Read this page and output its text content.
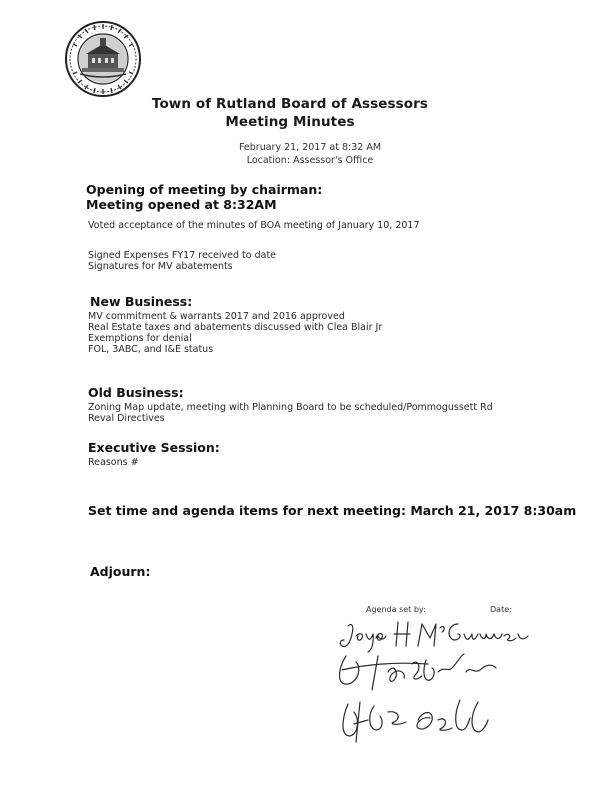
Town of Rutland Board of Assessors
Meeting Minutes
February 21, 2017 at 8:32 AM
Location: Assessor's Office
Opening of meeting by chairman:
Meeting opened at 8:32AM
Voted acceptance of the minutes of BOA meeting of January 10, 2017
Signed Expenses FY17 received to date
Signatures for MV abatements
New Business:
MV commitment & warrants 2017 and 2016 approved
Real Estate taxes and abatements discussed with Clea Blair Jr
Exemptions for denial
FOL, 3ABC, and I&E status
Old Business:
Zoning Map update, meeting with Planning Board to be scheduled/Pommogussett Rd
Reval Directives
Executive Session:
Reasons #
Set time and agenda items for next meeting: March 21, 2017 8:30am
Adjourn:
Agenda set by:	Date:
